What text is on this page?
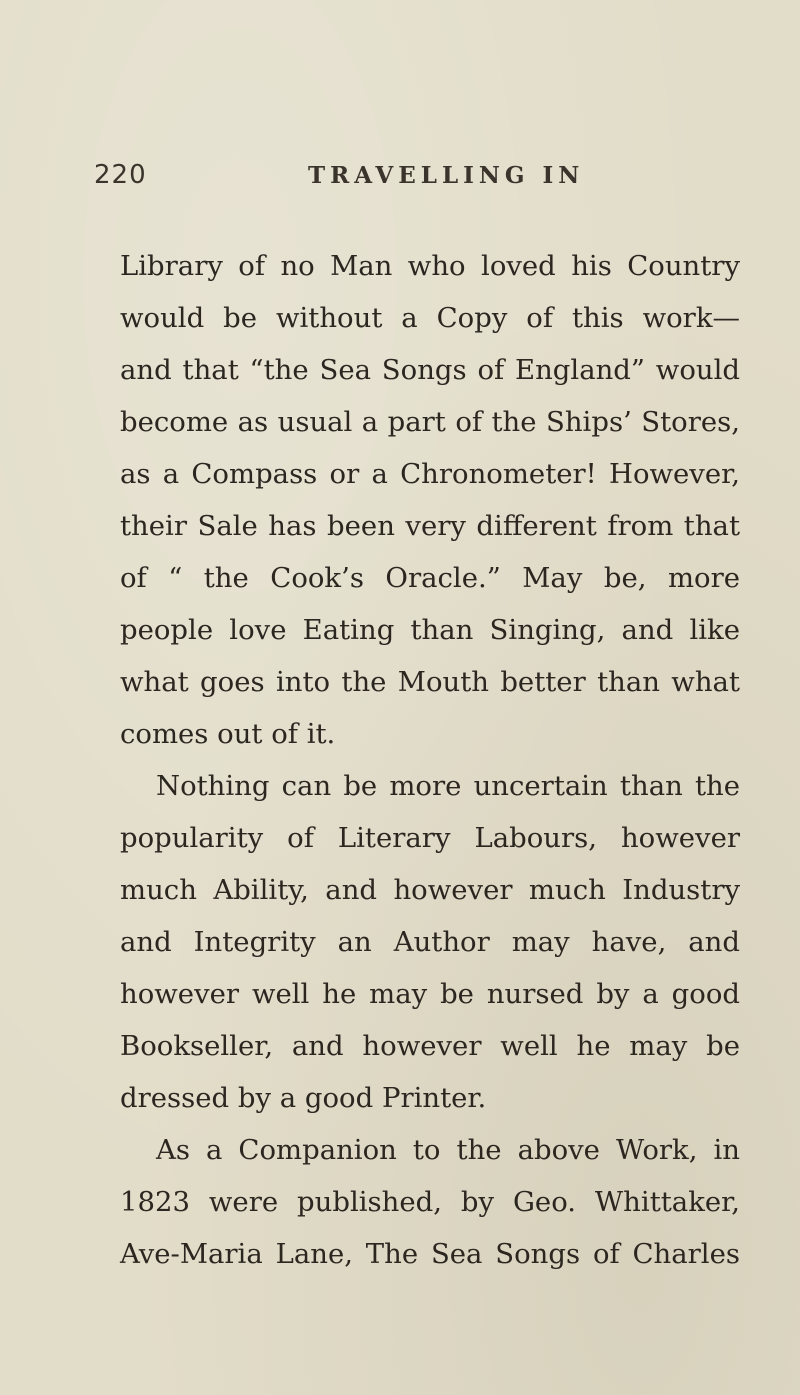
220	TRAVELLING IN
Library of no Man who loved his Country
would be without a Copy of this work—
and that “the Sea Songs of England” would
become as usual a part of the Ships’ Stores,
as a Compass or a Chronometer! However,
their Sale has been very different from that
of “ the Cook’s Oracle.” May be, more
people love Eating than Singing, and like
what goes into the Mouth better than what
comes out of it.
Nothing can be more uncertain than the
popularity of Literary Labours, however
much Ability, and however much Industry
and Integrity an Author may have, and
however well he may be nursed by a good
Bookseller, and however well he may be
dressed by a good Printer.
As a Companion to the above Work, in
1823 were published, by Geo. Whittaker,
Ave-Maria Lane, The Sea Songs of Charles
